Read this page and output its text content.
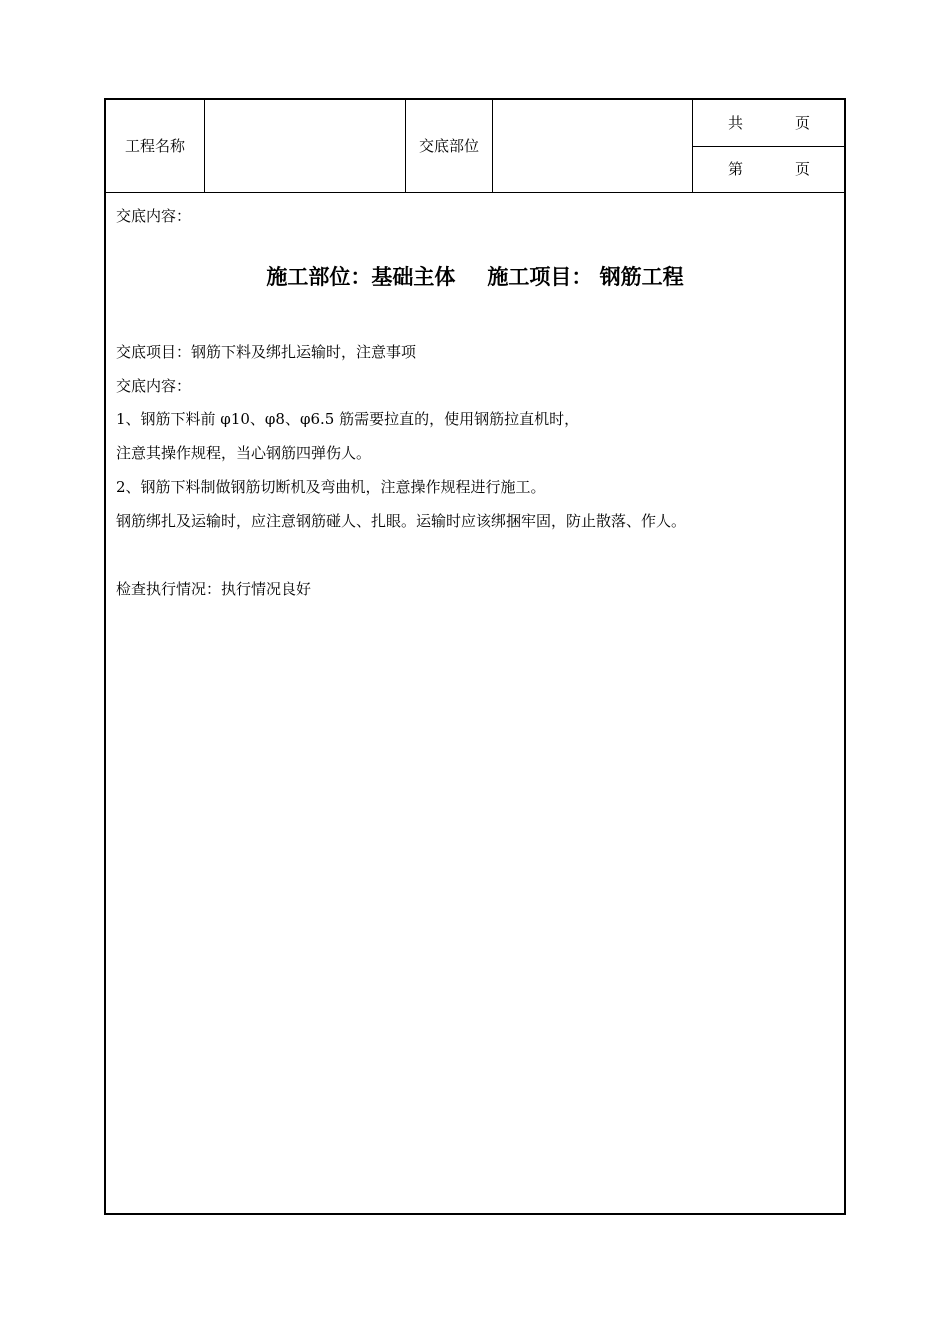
工程名称	交底部位
共	页
第	页
交底内容：
施工部位：基础主体 施工项目： 钢筋工程
交底项目：钢筋下料及绑扎运输时，注意事项
交底内容：
1、钢筋下料前 φ10、φ8、φ6.5 筋需要拉直的，使用钢筋拉直机时，
注意其操作规程，当心钢筋四弹伤人。
2、钢筋下料制做钢筋切断机及弯曲机，注意操作规程进行施工。
钢筋绑扎及运输时，应注意钢筋碰人、扎眼。运输时应该绑捆牢固，防止散落、作人。
检查执行情况：执行情况良好
